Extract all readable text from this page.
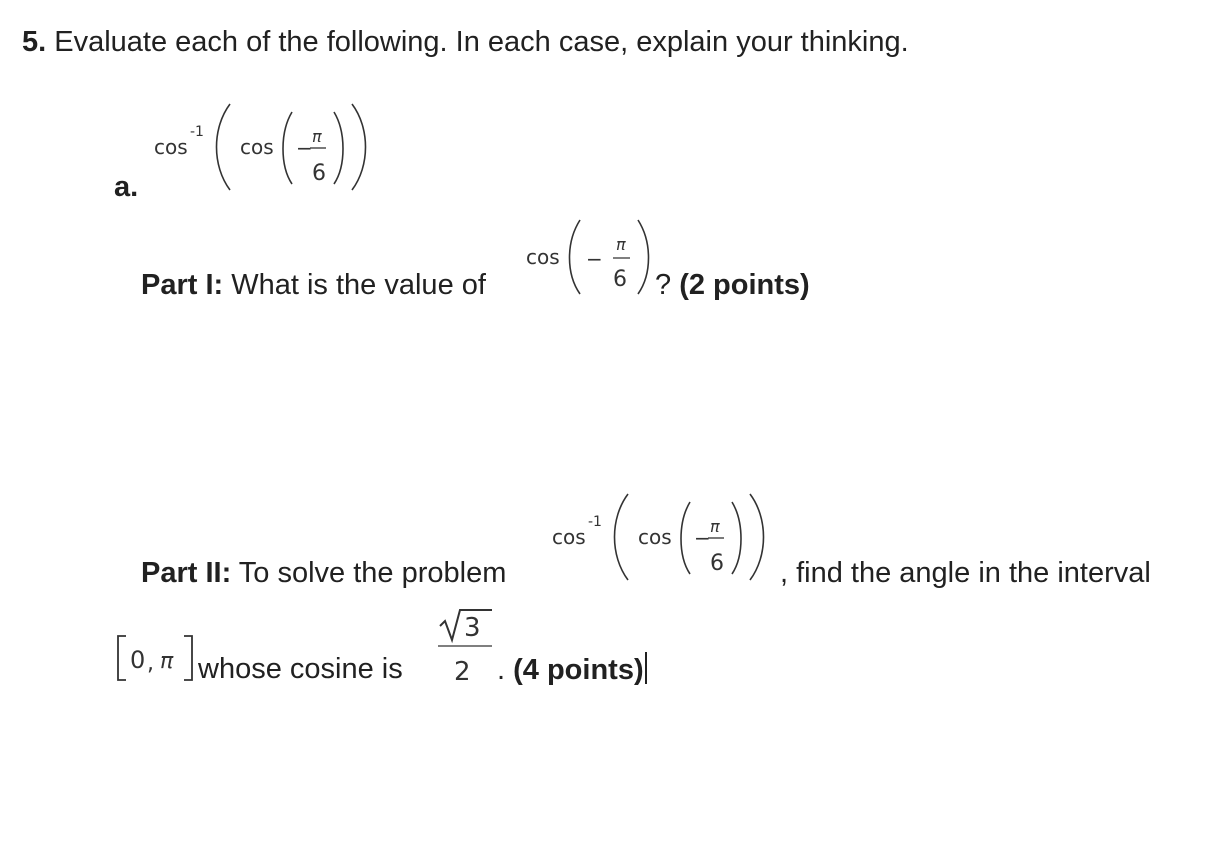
5. Evaluate each of the following. In each case, explain your thinking.
a.
cos
-1
cos − π
6
Part I: What is the value of
cos −
π
6 ? (2 points)
Part II: To solve the problem
cos
-1
cos − π
6 , find the angle in the interval
0 , π whose cosine is
3
2 . (4 points)
